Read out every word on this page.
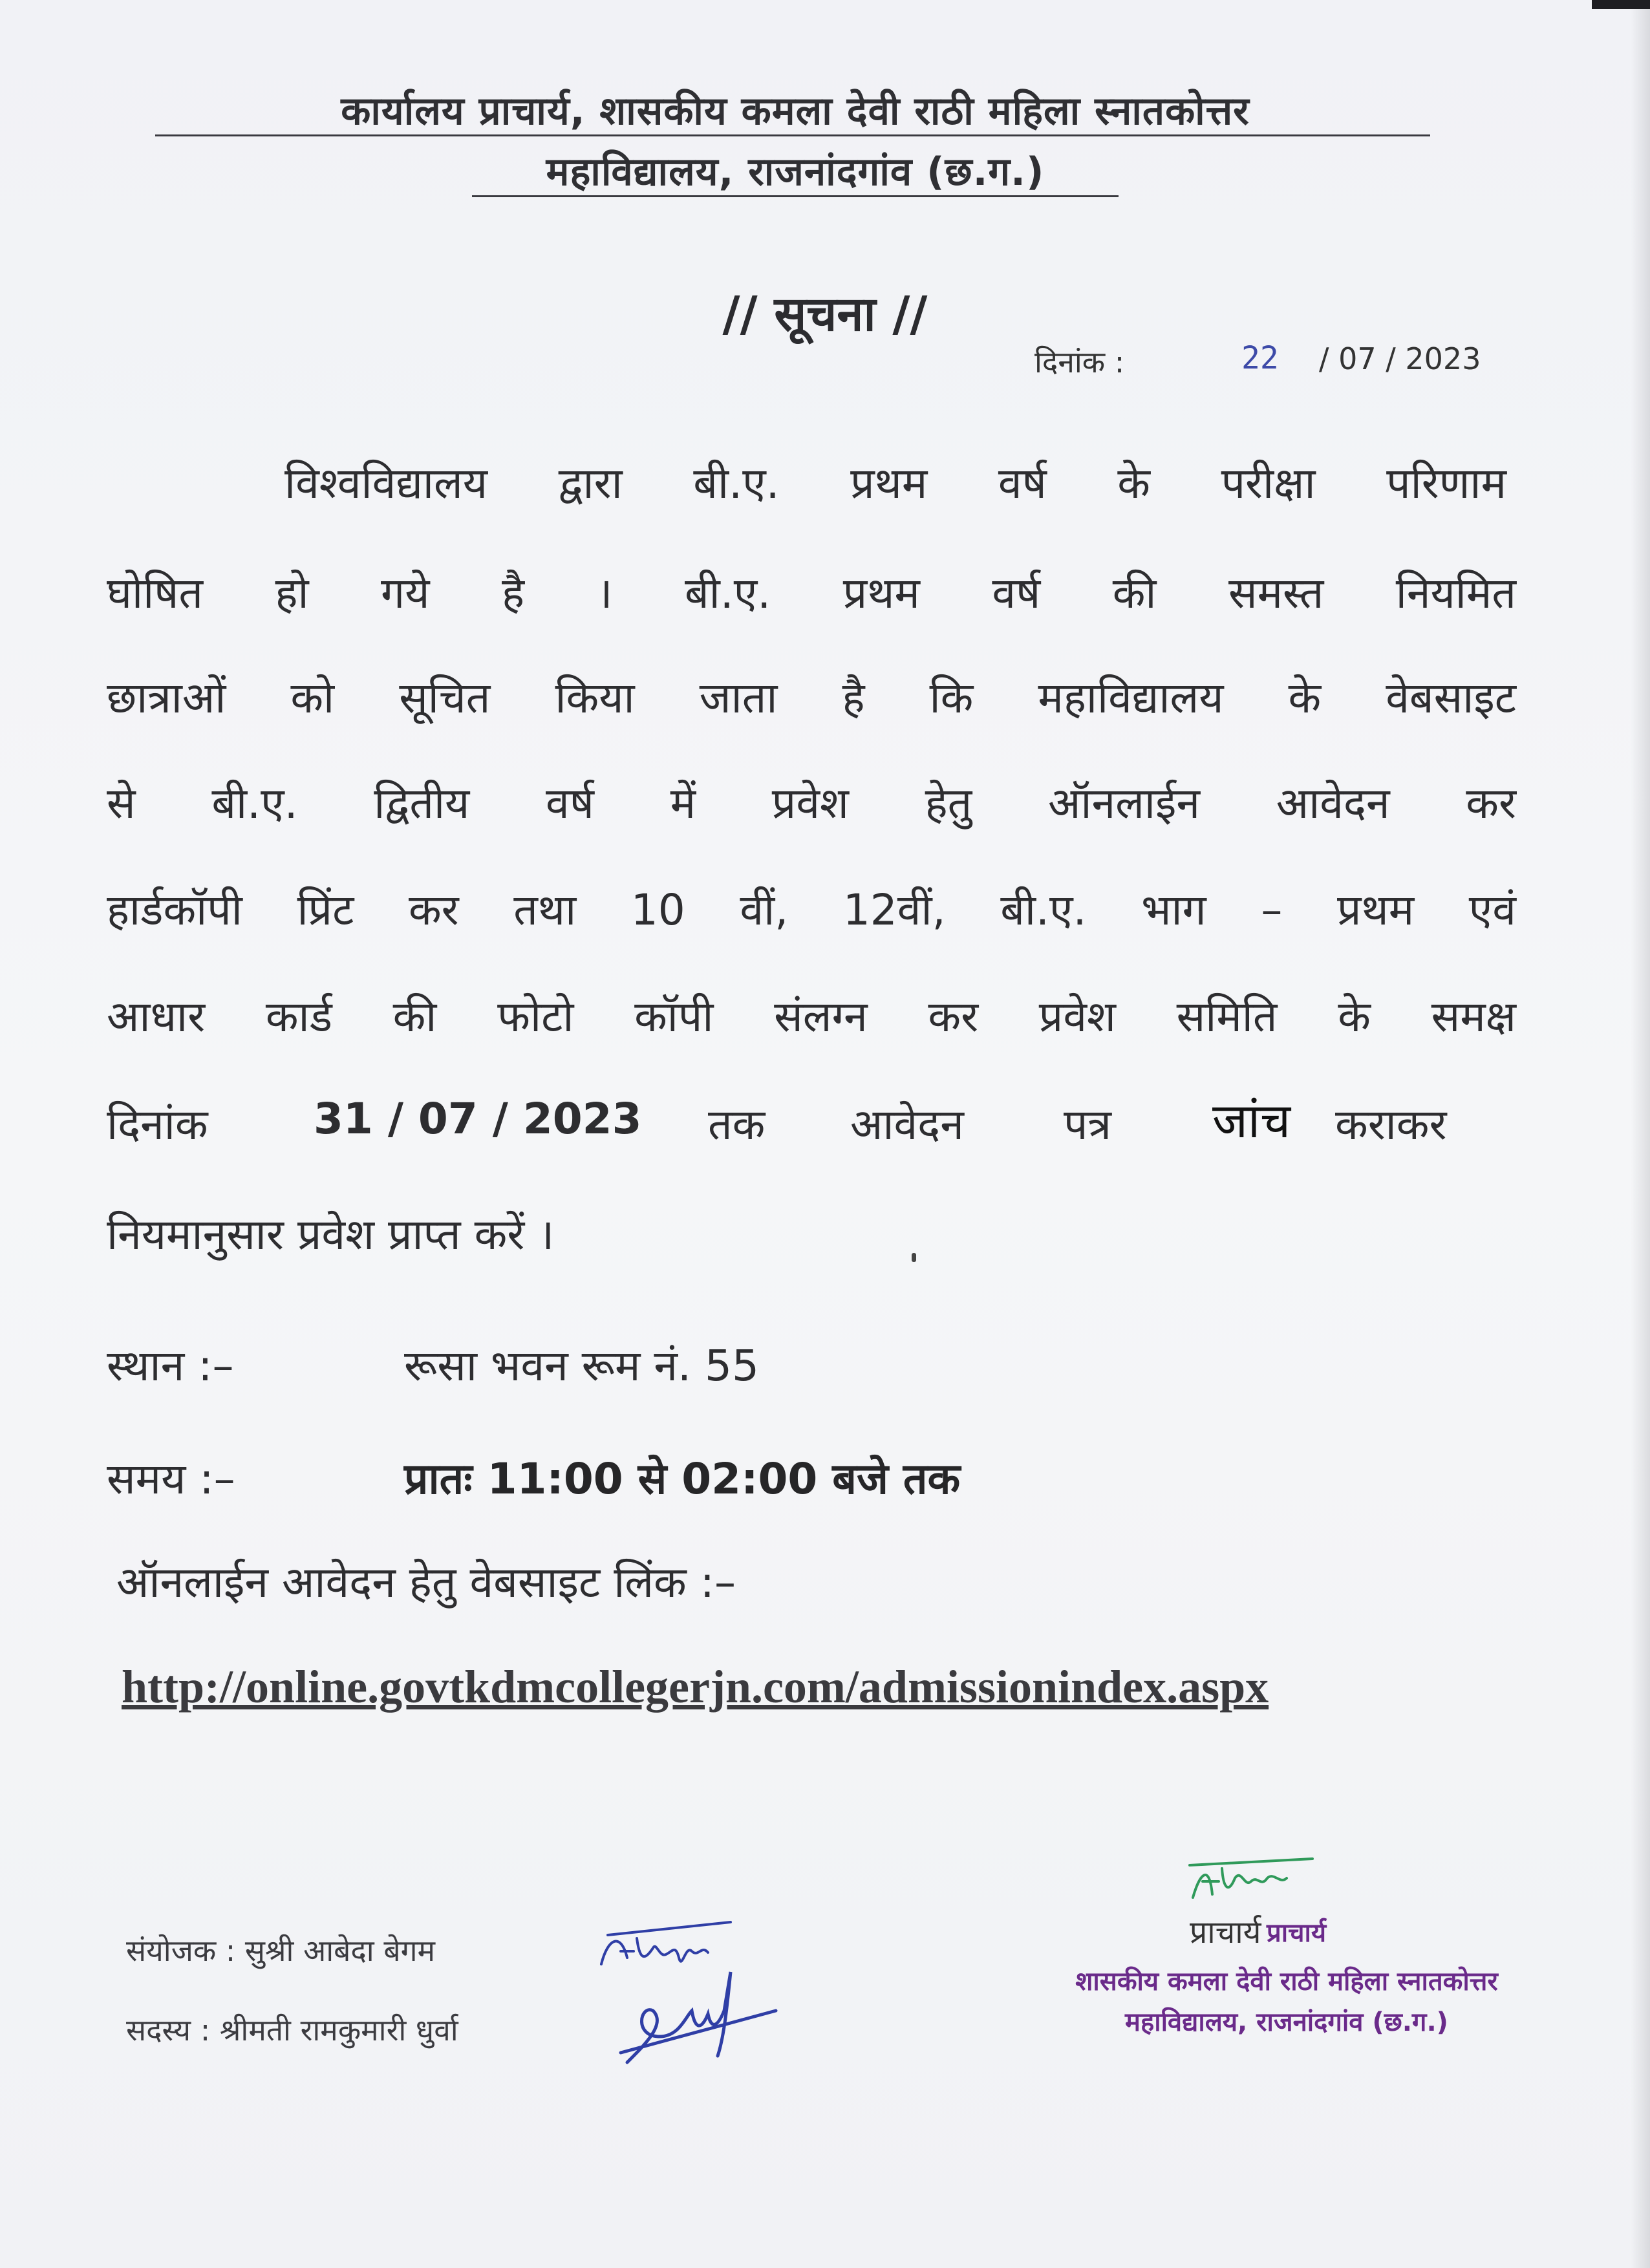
कार्यालय प्राचार्य, शासकीय कमला देवी राठी महिला स्नातकोत्तर
महाविद्यालय, राजनांदगांव (छ.ग.)
// सूचना //
दिनांक :	22 / 07 / 2023
विश्वविद्यालय द्वारा बी.ए. प्रथम वर्ष के परीक्षा परिणाम
घोषित हो गये है । बी.ए. प्रथम वर्ष की समस्त नियमित
छात्राओं को सूचित किया जाता है कि महाविद्यालय के वेबसाइट
से बी.ए. द्वितीय वर्ष में प्रवेश हेतु ऑनलाईन आवेदन कर
हार्डकॉपी प्रिंट कर तथा 10 वीं, 12वीं, बी.ए. भाग – प्रथम एवं
आधार कार्ड की फोटो कॉपी संलग्न कर प्रवेश समिति के समक्ष
दिनांक 31 / 07 / 2023 तक आवेदन पत्र जांच कराकर
नियमानुसार प्रवेश प्राप्त करें ।
स्थान :–	रूसा भवन रूम नं. 55
समय :–	प्रातः 11:00 से 02:00 बजे तक
ऑनलाईन आवेदन हेतु वेबसाइट लिंक :–
http://online.govtkdmcollegerjn.com/admissionindex.aspx
संयोजक : सुश्री आबेदा बेगम
सदस्य : श्रीमती रामकुमारी धुर्वा
प्राचार्य प्राचार्य
शासकीय कमला देवी राठी महिला स्नातकोत्तर
महाविद्यालय, राजनांदगांव (छ.ग.)
